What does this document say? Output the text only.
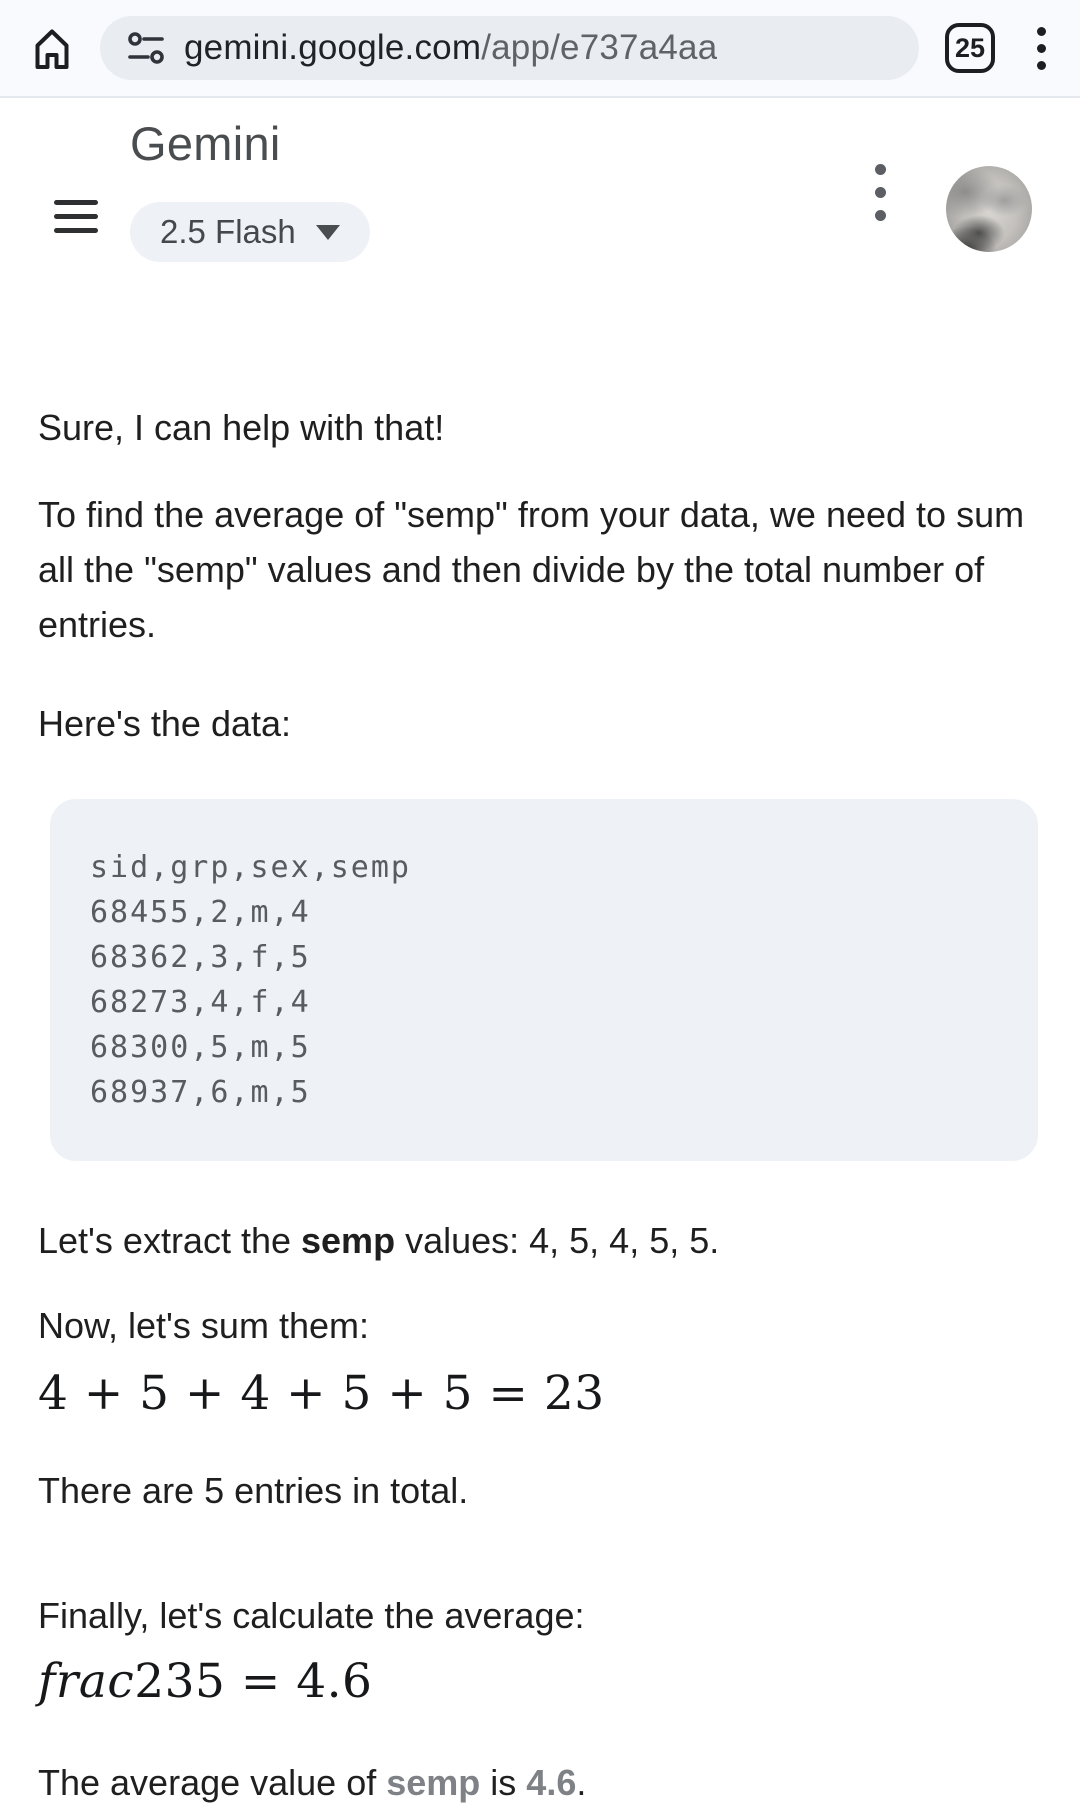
gemini.google.com/app/e737a4aa	25
Gemini
2.5 Flash

Sure, I can help with that!

To find the average of "semp" from your data, we need to sum all the "semp" values and then divide by the total number of entries.

Here's the data:

sid,grp,sex,semp
68455,2,m,4
68362,3,f,5
68273,4,f,4
68300,5,m,5
68937,6,m,5

Let's extract the semp values: 4, 5, 4, 5, 5.

Now, let's sum them:

4 + 5 + 4 + 5 + 5 = 23

There are 5 entries in total.

Finally, let's calculate the average:

frac235 = 4.6

The average value of semp is 4.6.
